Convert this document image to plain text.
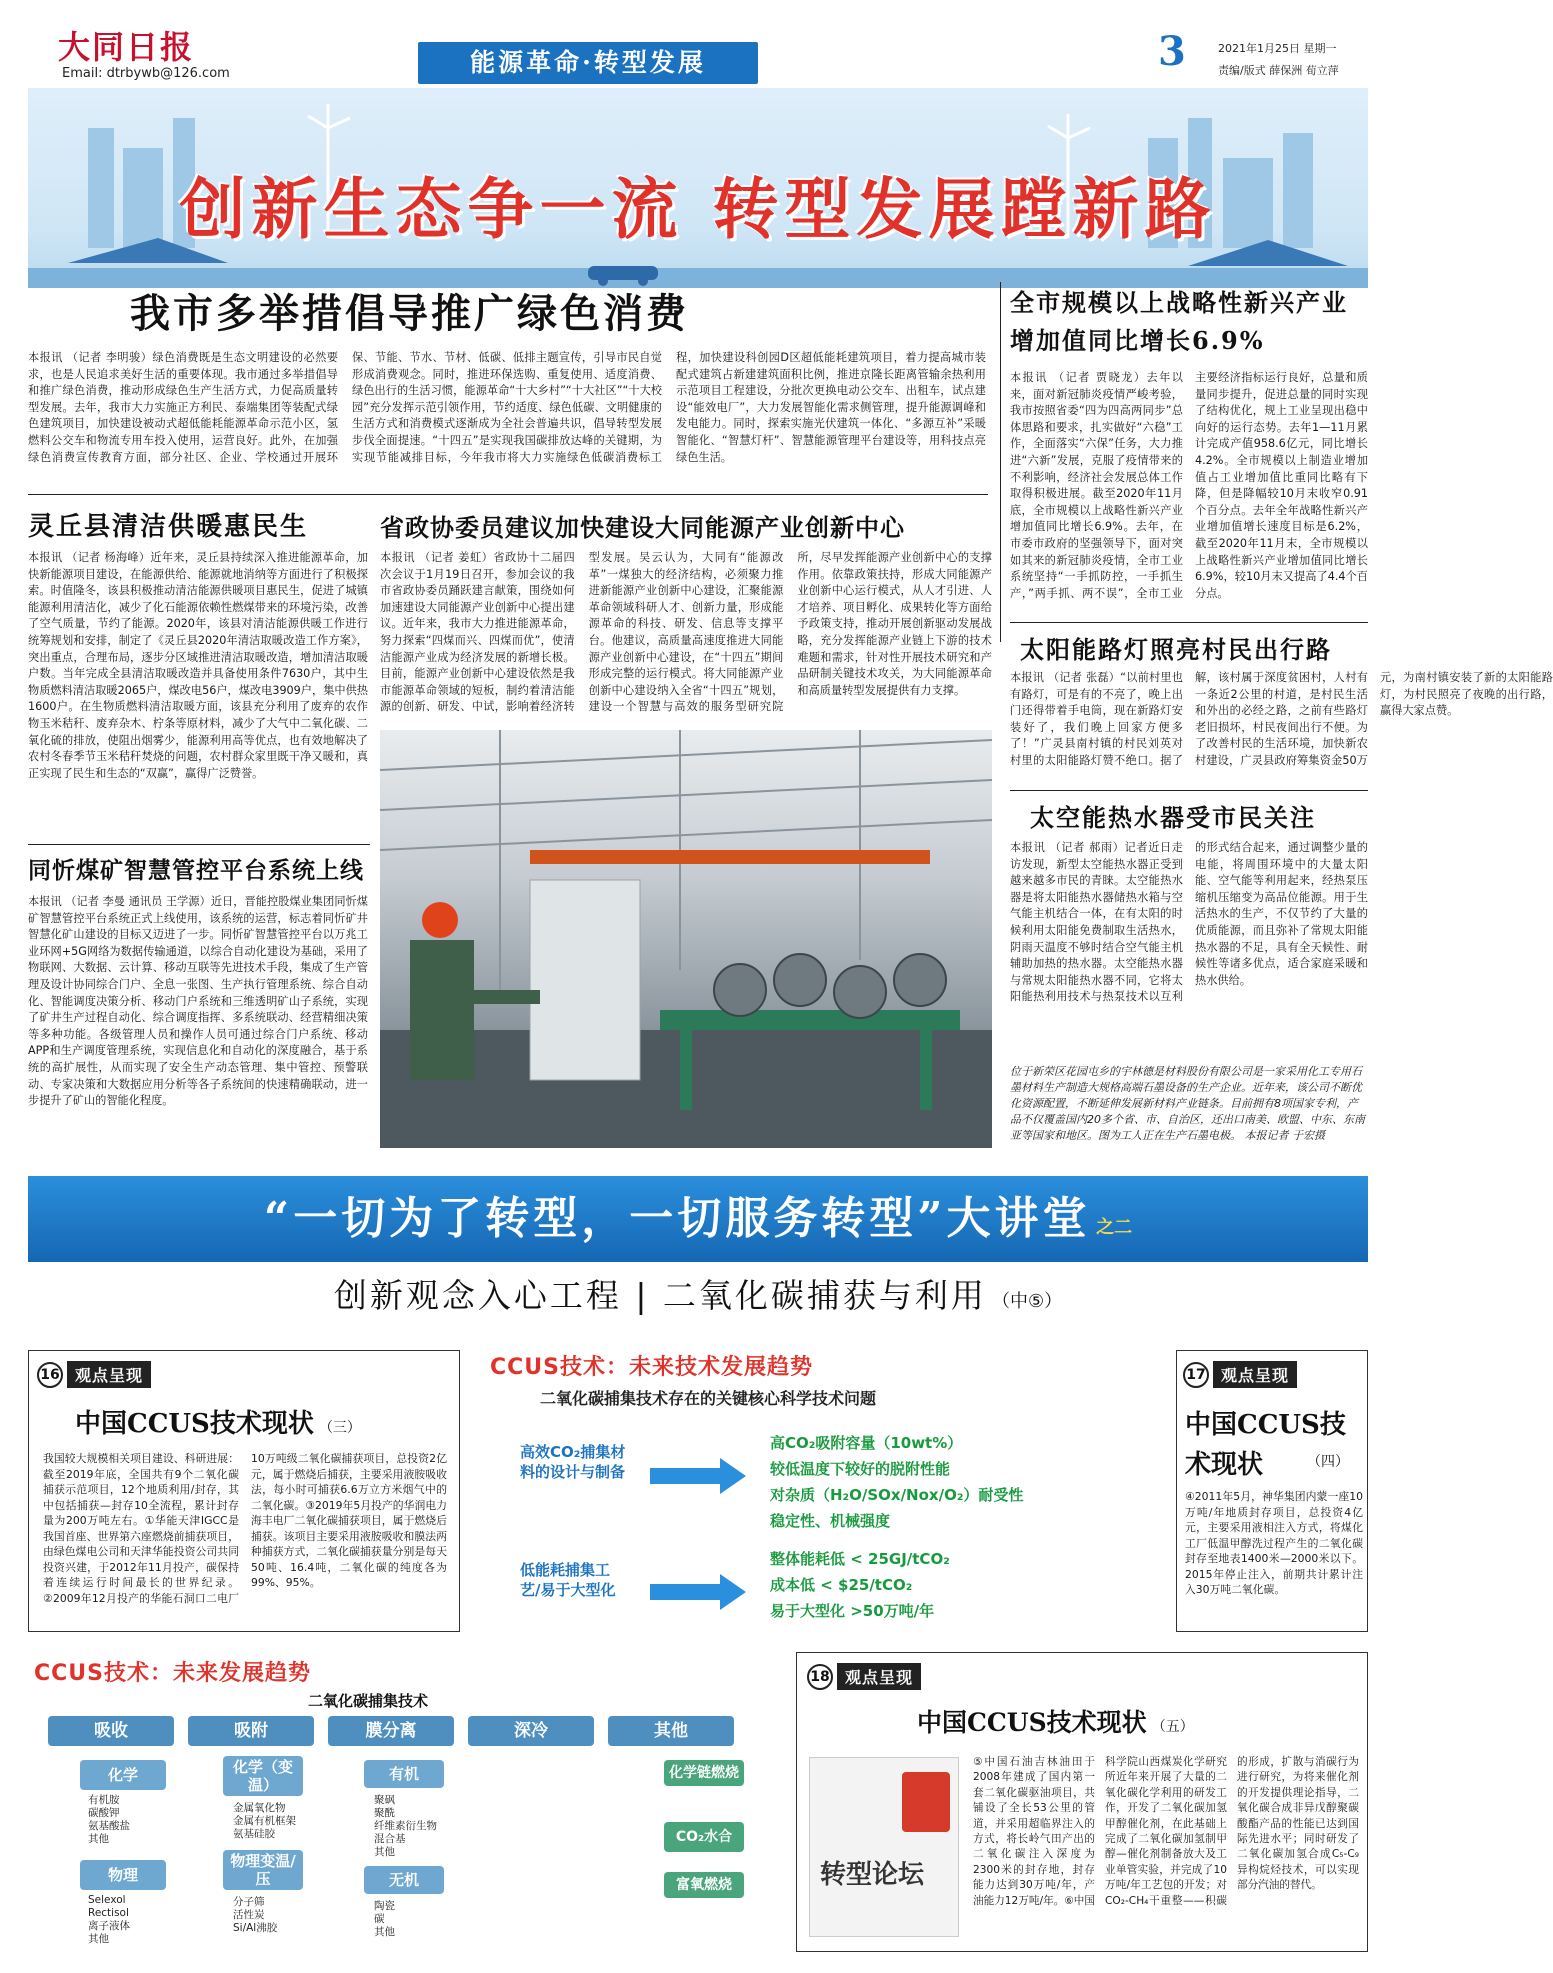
大同日报
Email: dtrbywb@126.com	能源革命·转型发展	3	2021年1月25日 星期一
责编/版式 薛保洲 荀立萍
创新生态争一流 转型发展蹚新路
我市多举措倡导推广绿色消费
本报讯 （记者 李明骏）绿色消费既是生态文明建设的必然要求，也是人民追求美好生活的重要体现。我市通过多举措倡导和推广绿色消费，推动形成绿色生产生活方式，力促高质量转型发展。去年，我市大力实施正方利民、泰端集团等装配式绿色建筑项目，加快建设被动式超低能耗能源革命示范小区，氢燃料公交车和物流专用车投入使用，运营良好。此外，在加强绿色消费宣传教育方面，部分社区、企业、学校通过开展环保、节能、节水、节材、低碳、低排主题宣传，引导市民自觉形成消费观念。同时，推进环保选购、重复使用、适度消费、绿色出行的生活习惯，能源革命“十大乡村”“十大社区”“十大校园”充分发挥示范引领作用，节约适度、绿色低碳、文明健康的生活方式和消费模式逐渐成为全社会普遍共识，倡导转型发展步伐全面提速。“十四五”是实现我国碳排放达峰的关键期，为实现节能减排目标，今年我市将大力实施绿色低碳消费标工程，加快建设科创园D区超低能耗建筑项目，着力提高城市装配式建筑占新建建筑面积比例，推进京隆长距离管输余热利用示范项目工程建设，分批次更换电动公交车、出租车，试点建设“能效电厂”，大力发展智能化需求侧管理，提升能源调峰和发电能力。同时，探索实施光伏建筑一体化、“多源互补”采暖智能化、“智慧灯杆”、智慧能源管理平台建设等，用科技点亮绿色生活。
全市规模以上战略性新兴产业增加值同比增长6.9%
本报讯 （记者 贾晓龙）去年以来，面对新冠肺炎疫情严峻考验，我市按照省委“四为四高两同步”总体思路和要求，扎实做好“六稳”工作，全面落实“六保”任务，大力推进“六新”发展，克服了疫情带来的不利影响，经济社会发展总体工作取得积极进展。截至2020年11月底，全市规模以上战略性新兴产业增加值同比增长6.9%。去年，在市委市政府的坚强领导下，面对突如其来的新冠肺炎疫情，全市工业系统坚持“一手抓防控，一手抓生产，”两手抓、两不误”，全市工业主要经济指标运行良好，总量和质量同步提升，促进总量的同时实现了结构优化，规上工业呈现出稳中向好的运行态势。去年1—11月累计完成产值958.6亿元，同比增长4.2%。全市规模以上制造业增加值占工业增加值比重同比略有下降，但是降幅较10月末收窄0.91个百分点。去年全年战略性新兴产业增加值增长速度目标是6.2%，截至2020年11月末，全市规模以上战略性新兴产业增加值同比增长6.9%，较10月末又提高了4.4个百分点。
灵丘县清洁供暖惠民生
本报讯 （记者 杨海峰）近年来，灵丘县持续深入推进能源革命，加快新能源项目建设，在能源供给、能源就地消纳等方面进行了积极探索。时值隆冬，该县积极推动清洁能源供暖项目惠民生，促进了城镇能源利用清洁化，减少了化石能源依赖性燃煤带来的环境污染，改善了空气质量，节约了能源。2020年，该县对清洁能源供暖工作进行统筹规划和安排，制定了《灵丘县2020年清洁取暖改造工作方案》，突出重点，合理布局，逐步分区域推进清洁取暖改造，增加清洁取暖户数。当年完成全县清洁取暖改造并具备使用条件7630户，其中生物质燃料清洁取暖2065户，煤改电56户，煤改电3909户，集中供热1600户。在生物质燃料清洁取暖方面，该县充分利用了废弃的农作物玉米秸秆、废弃杂木、柠条等原材料，减少了大气中二氧化碳、二氧化硫的排放，使阻出烟雾少，能源利用高等优点，也有效地解决了农村冬春季节玉米秸秆焚烧的问题，农村群众家里既干净又暖和，真正实现了民生和生态的“双赢”，赢得广泛赞誉。
省政协委员建议加快建设大同能源产业创新中心
本报讯 （记者 姜虹）省政协十二届四次会议于1月19日召开，参加会议的我市省政协委员踊跃建言献策，围绕如何加速建设大同能源产业创新中心提出建议。近年来，我市大力推进能源革命，努力探索“四煤而兴、四煤而优”，使清洁能源产业成为经济发展的新增长极。目前，能源产业创新中心建设依然是我市能源革命领域的短板，制约着清洁能源的创新、研发、中试，影响着经济转型发展。吴云认为，大同有“能源改革”一煤独大的经济结构，必须聚力推进新能源产业创新中心建设，汇聚能源革命领域科研人才、创新力量，形成能源革命的科技、研发、信息等支撑平台。他建议，高质量高速度推进大同能源产业创新中心建设，在“十四五”期间形成完整的运行模式。将大同能源产业创新中心建设纳入全省“十四五”规划，建设一个智慧与高效的服务型研究院所，尽早发挥能源产业创新中心的支撑作用。依靠政策扶持，形成大同能源产业创新中心运行模式，从人才引进、人才培养、项目孵化、成果转化等方面给予政策支持，推动开展创新驱动发展战略，充分发挥能源产业链上下游的技术难题和需求，针对性开展技术研究和产品研制关键技术攻关，为大同能源革命和高质量转型发展提供有力支撑。
太阳能路灯照亮村民出行路
本报讯 （记者 张磊）“以前村里也有路灯，可是有的不亮了，晚上出门还得带着手电筒，现在新路灯安装好了，我们晚上回家方便多了！”广灵县南村镇的村民刘英对村里的太阳能路灯赞不绝口。据了解，该村属于深度贫困村，人村有一条近2公里的村道，是村民生活和外出的必经之路，之前有些路灯老旧损坏，村民夜间出行不便。为了改善村民的生活环境，加快新农村建设，广灵县政府筹集资金50万元，为南村镇安装了新的太阳能路灯，为村民照亮了夜晚的出行路，赢得大家点赞。
同忻煤矿智慧管控平台系统上线
本报讯 （记者 李曼 通讯员 王学源）近日，晋能控股煤业集团同忻煤矿智慧管控平台系统正式上线使用，该系统的运营，标志着同忻矿井智慧化矿山建设的目标又迈进了一步。同忻矿智慧管控平台以万兆工业环网+5G网络为数据传输通道，以综合自动化建设为基础，采用了物联网、大数据、云计算、移动互联等先进技术手段，集成了生产管理及设计协同综合门户、全息一张图、生产执行管理系统、综合自动化、智能调度决策分析、移动门户系统和三维透明矿山子系统，实现了矿井生产过程自动化、综合调度指挥、多系统联动、经营精细决策等多种功能。各级管理人员和操作人员可通过综合门户系统、移动APP和生产调度管理系统，实现信息化和自动化的深度融合，基于系统的高扩展性，从而实现了安全生产动态管理、集中管控、预警联动、专家决策和大数据应用分析等各子系统间的快速精确联动，进一步提升了矿山的智能化程度。
太空能热水器受市民关注
本报讯 （记者 郝雨）记者近日走访发现，新型太空能热水器正受到越来越多市民的青睐。太空能热水器是将太阳能热水器储热水箱与空气能主机结合一体，在有太阳的时候利用太阳能免费制取生活热水，阴雨天温度不够时结合空气能主机辅助加热的热水器。太空能热水器与常规太阳能热水器不同，它将太阳能热利用技术与热泵技术以互利的形式结合起来，通过调整少量的电能，将周围环境中的大量太阳能、空气能等利用起来，经热泵压缩机压缩变为高品位能源。用于生活热水的生产，不仅节约了大量的优质能源，而且弥补了常规太阳能热水器的不足，具有全天候性、耐候性等诸多优点，适合家庭采暖和热水供给。
位于新荣区花园屯乡的宇林德是材料股份有限公司是一家采用化工专用石墨材料生产制造大规格高端石墨设备的生产企业。近年来，该公司不断优化资源配置，不断延伸发展新材料产业链条。目前拥有8项国家专利，产品不仅覆盖国内20多个省、市、自治区，还出口南美、欧盟、中东、东南亚等国家和地区。图为工人正在生产石墨电极。 本报记者 于宏摄
“一切为了转型，一切服务转型”大讲堂 之二
创新观念入心工程 | 二氧化碳捕获与利用 （中⑤）
16 观点呈现
中国CCUS技术现状 （三）
我国较大规模相关项目建设、科研进展：截至2019年底，全国共有9个二氧化碳捕获示范项目，12个地质利用/封存，其中包括捕获—封存10全流程，累计封存量为200万吨左右。①华能天津IGCC是我国首座、世界第六座燃烧前捕获项目，由绿色煤电公司和天津华能投资公司共同投资兴建，于2012年11月投产，碳保持着连续运行时间最长的世界纪录。②2009年12月投产的华能石洞口二电厂10万吨级二氧化碳捕获项目，总投资2亿元，属于燃烧后捕获，主要采用液胺吸收法，每小时可捕获6.6万立方米烟气中的二氧化碳。③2019年5月投产的华润电力海丰电厂二氧化碳捕获项目，属于燃烧后捕获。该项目主要采用液胺吸收和膜法两种捕获方式，二氧化碳捕获量分别是每天50吨、16.4吨，二氧化碳的纯度各为99%、95%。
CCUS技术：未来技术发展趋势
二氧化碳捕集技术存在的关键核心科学技术问题
高效CO₂捕集材料的设计与制备
高CO₂吸附容量（10wt%）
较低温度下较好的脱附性能
对杂质（H₂O/SOx/Nox/O₂）耐受性
稳定性、机械强度
低能耗捕集工艺/易于大型化
整体能耗低 < 25GJ/tCO₂
成本低 < $25/tCO₂
易于大型化 >50万吨/年
17 观点呈现
中国CCUS技术现状	（四）
④2011年5月，神华集团内蒙一座10万吨/年地质封存项目，总投资4亿元，主要采用液相注入方式，将煤化工厂低温甲醇洗过程产生的二氧化碳封存至地表1400米—2000米以下。2015年停止注入，前期共计累计注入30万吨二氧化碳。
CCUS技术：未来发展趋势
二氧化碳捕集技术
吸收	吸附	膜分离	深冷	其他
化学
有机胺
碳酸钾
氨基酸盐
其他
物理
Selexol
Rectisol
离子液体
其他
化学（变温）
金属氧化物
金属有机框架
氨基硅胶
物理变温/压
分子筛
活性炭
Si/Al沸胶
有机
聚砜
聚酰
纤维素衍生物
混合基
其他
无机
陶瓷
碳
其他
化学链燃烧
CO₂水合
富氧燃烧
18 观点呈现
中国CCUS技术现状 （五）
转型论坛
⑤中国石油吉林油田于2008年建成了国内第一套二氧化碳驱油项目，共铺设了全长53公里的管道，并采用超临界注入的方式，将长岭气田产出的二氧化碳注入深度为2300米的封存地，封存能力达到30万吨/年，产油能力12万吨/年。⑥中国科学院山西煤炭化学研究所近年来开展了大量的二氧化碳化学利用的研发工作，开发了二氧化碳加氢甲醇催化剂，在此基础上完成了二氧化碳加氢制甲醇—催化剂制备放大及工业单管实验，并完成了10万吨/年工艺包的开发；对CO₂-CH₄干重整——积碳的形成，扩散与消碳行为进行研究，为将来催化剂的开发提供理论指导，二氧化碳合成非异戊醇聚碳酸酯产品的性能已达到国际先进水平；同时研发了二氧化碳加氢合成C₅-C₉异构烷烃技术，可以实现部分汽油的替代。
